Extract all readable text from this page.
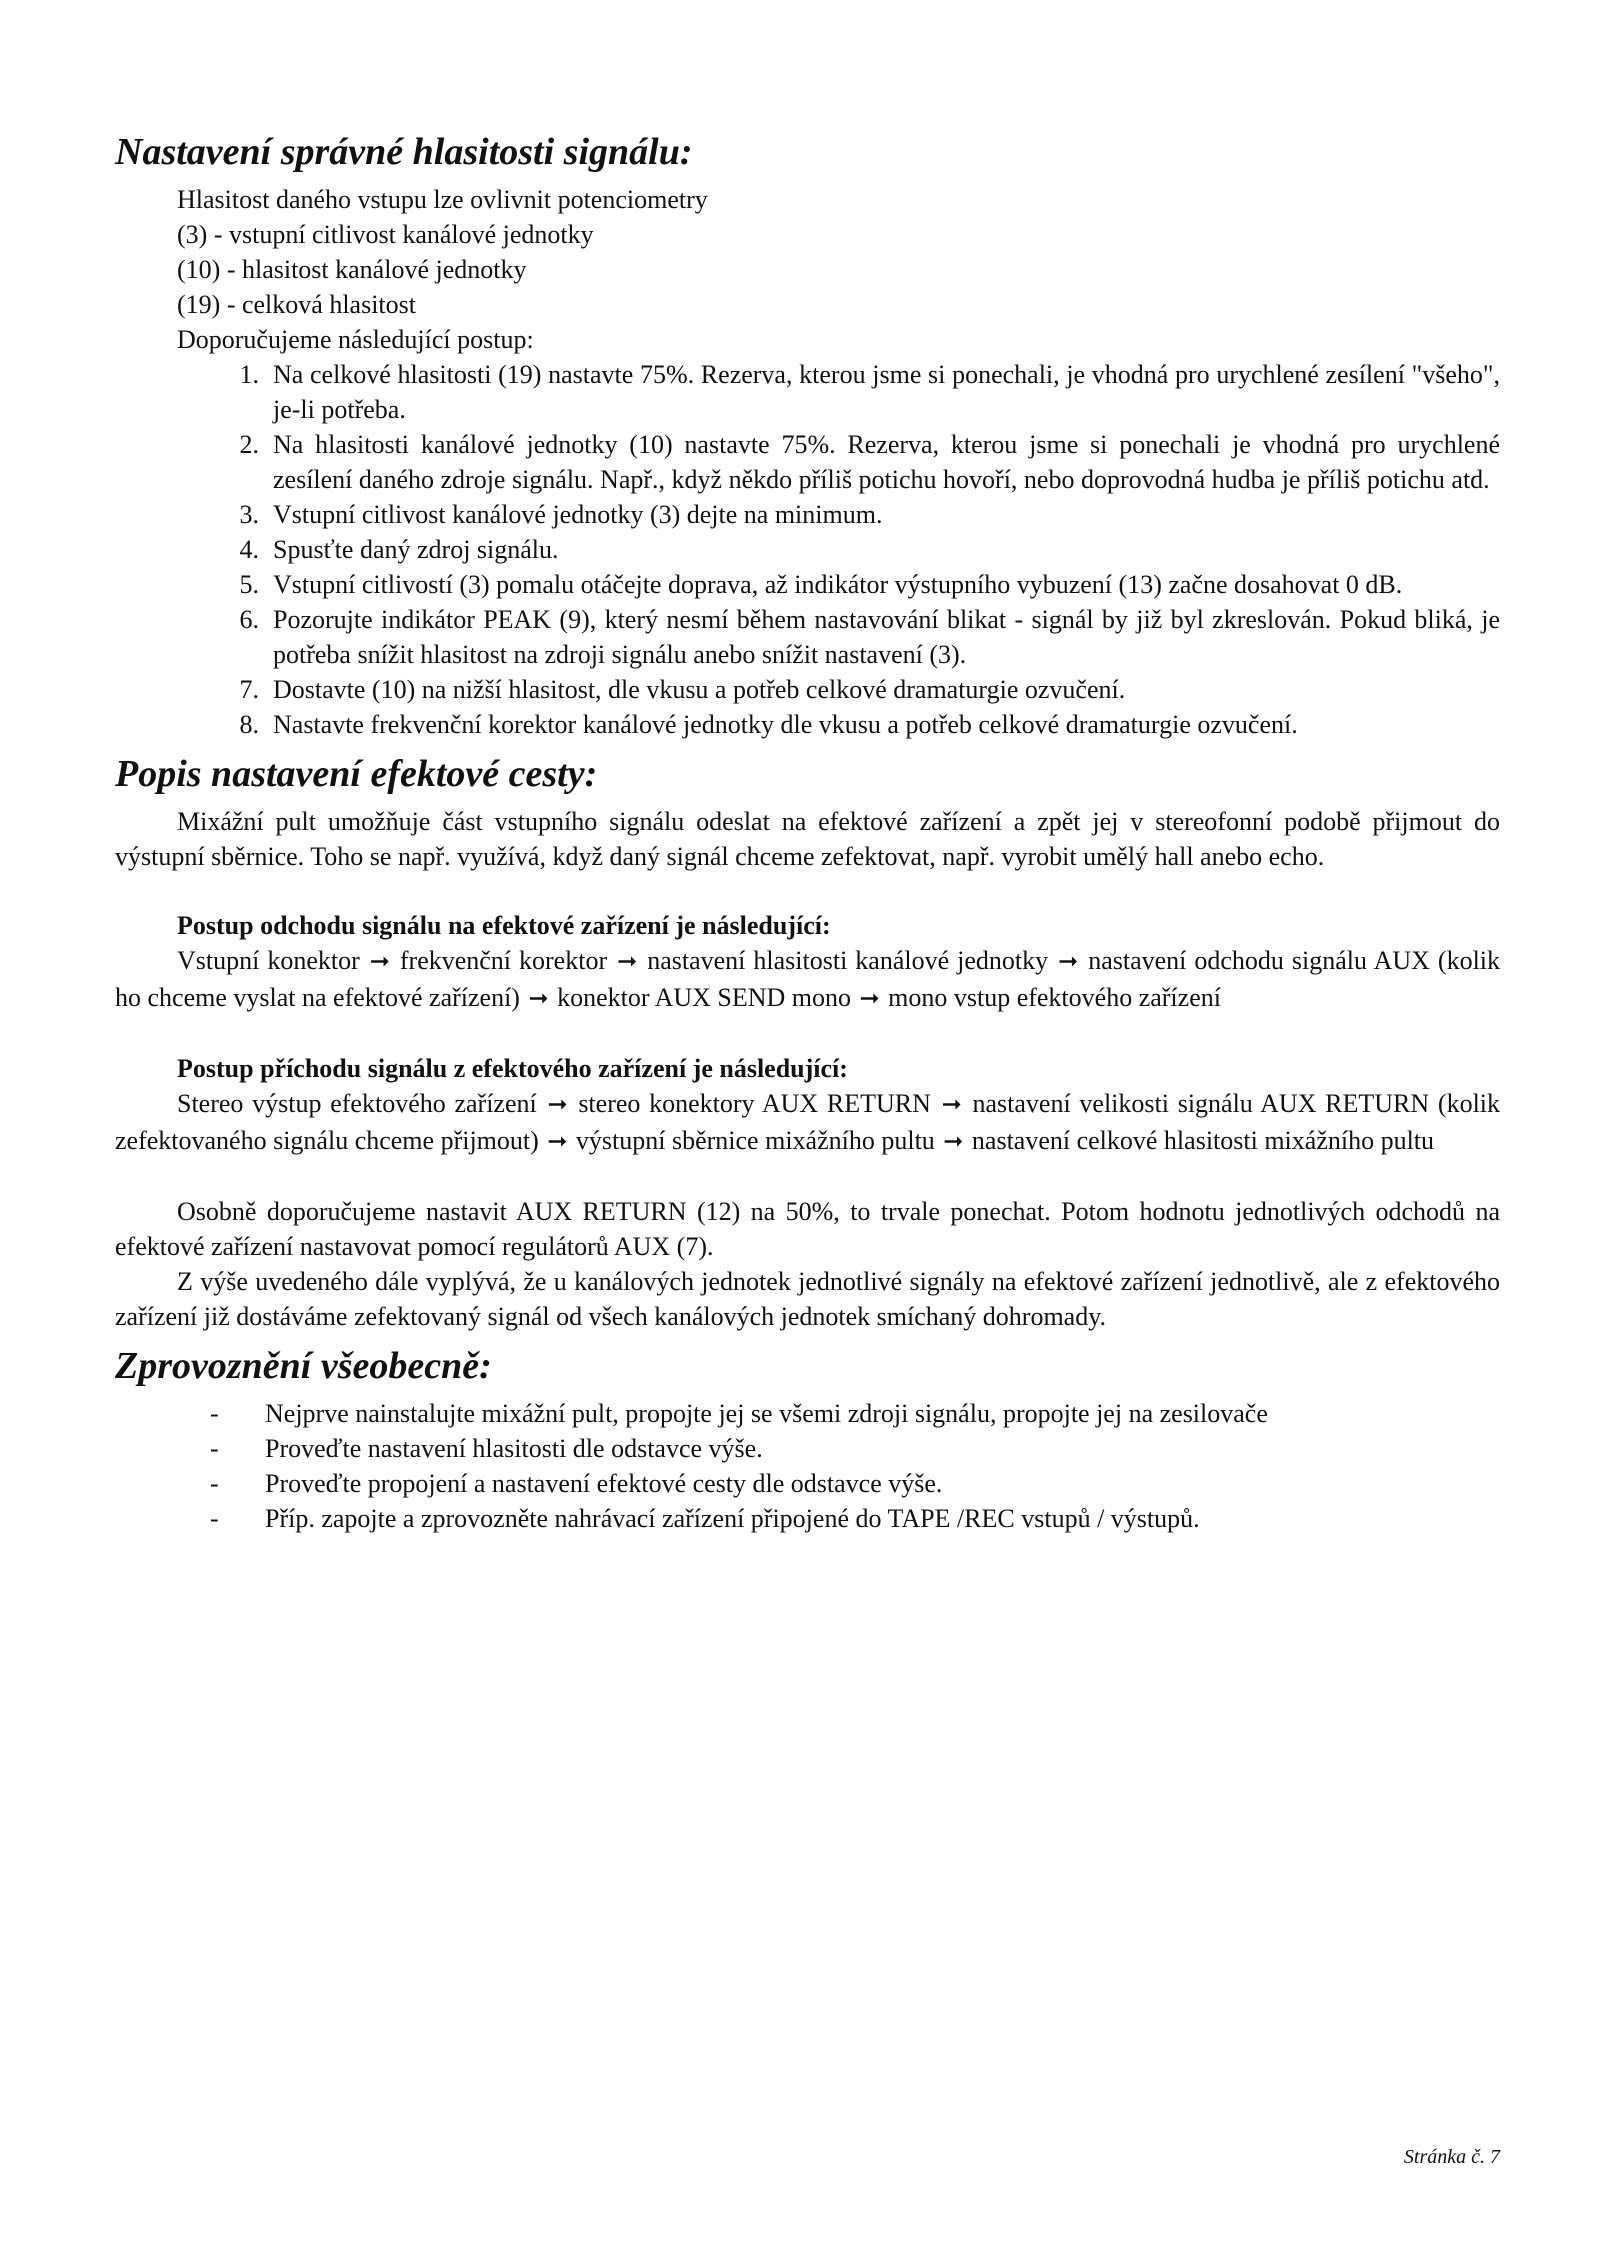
Nastavení správné hlasitosti signálu:

Hlasitost daného vstupu lze ovlivnit potenciometry

(3) - vstupní citlivost kanálové jednotky

(10) - hlasitost kanálové jednotky

(19) - celková hlasitost

Doporučujeme následující postup:

1. Na celkové hlasitosti (19) nastavte 75%. Rezerva, kterou jsme si ponechali, je vhodná pro urychlené zesílení "všeho", je-li potřeba.
2. Na hlasitosti kanálové jednotky (10) nastavte 75%. Rezerva, kterou jsme si ponechali je vhodná pro urychlené zesílení daného zdroje signálu. Např., když někdo příliš potichu hovoří, nebo doprovodná hudba je příliš potichu atd.
3. Vstupní citlivost kanálové jednotky (3) dejte na minimum.
4. Spusťte daný zdroj signálu.
5. Vstupní citlivostí (3) pomalu otáčejte doprava, až indikátor výstupního vybuzení (13) začne dosahovat 0 dB.
6. Pozorujte indikátor PEAK (9), který nesmí během nastavování blikat - signál by již byl zkreslován. Pokud bliká, je potřeba snížit hlasitost na zdroji signálu anebo snížit nastavení (3).
7. Dostavte (10) na nižší hlasitost, dle vkusu a potřeb celkové dramaturgie ozvučení.
8. Nastavte frekvenční korektor kanálové jednotky dle vkusu a potřeb celkové dramaturgie ozvučení.
Popis nastavení efektové cesty:

Mixážní pult umožňuje část vstupního signálu odeslat na efektové zařízení a zpět jej v stereofonní podobě přijmout do výstupní sběrnice. Toho se např. využívá, když daný signál chceme zefektovat, např. vyrobit umělý hall anebo echo.

Postup odchodu signálu na efektové zařízení je následující:

Vstupní konektor ➞ frekvenční korektor ➞ nastavení hlasitosti kanálové jednotky ➞ nastavení odchodu signálu AUX (kolik ho chceme vyslat na efektové zařízení) ➞ konektor AUX SEND mono ➞ mono vstup efektového zařízení

Postup příchodu signálu z efektového zařízení je následující:

Stereo výstup efektového zařízení ➞ stereo konektory AUX RETURN ➞ nastavení velikosti signálu AUX RETURN (kolik zefektovaného signálu chceme přijmout) ➞ výstupní sběrnice mixážního pultu ➞ nastavení celkové hlasitosti mixážního pultu

Osobně doporučujeme nastavit AUX RETURN (12) na 50%, to trvale ponechat. Potom hodnotu jednotlivých odchodů na efektové zařízení nastavovat pomocí regulátorů AUX (7).

Z výše uvedeného dále vyplývá, že u kanálových jednotek jednotlivé signály na efektové zařízení jednotlivě, ale z efektového zařízení již dostáváme zefektovaný signál od všech kanálových jednotek smíchaný dohromady.

Zprovoznění všeobecně:
- Nejprve nainstalujte mixážní pult, propojte jej se všemi zdroji signálu, propojte jej na zesilovače
- Proveďte nastavení hlasitosti dle odstavce výše.
- Proveďte propojení a nastavení efektové cesty dle odstavce výše.
- Příp. zapojte a zprovozněte nahrávací zařízení připojené do TAPE /REC vstupů / výstupů.
Stránka č. 7
